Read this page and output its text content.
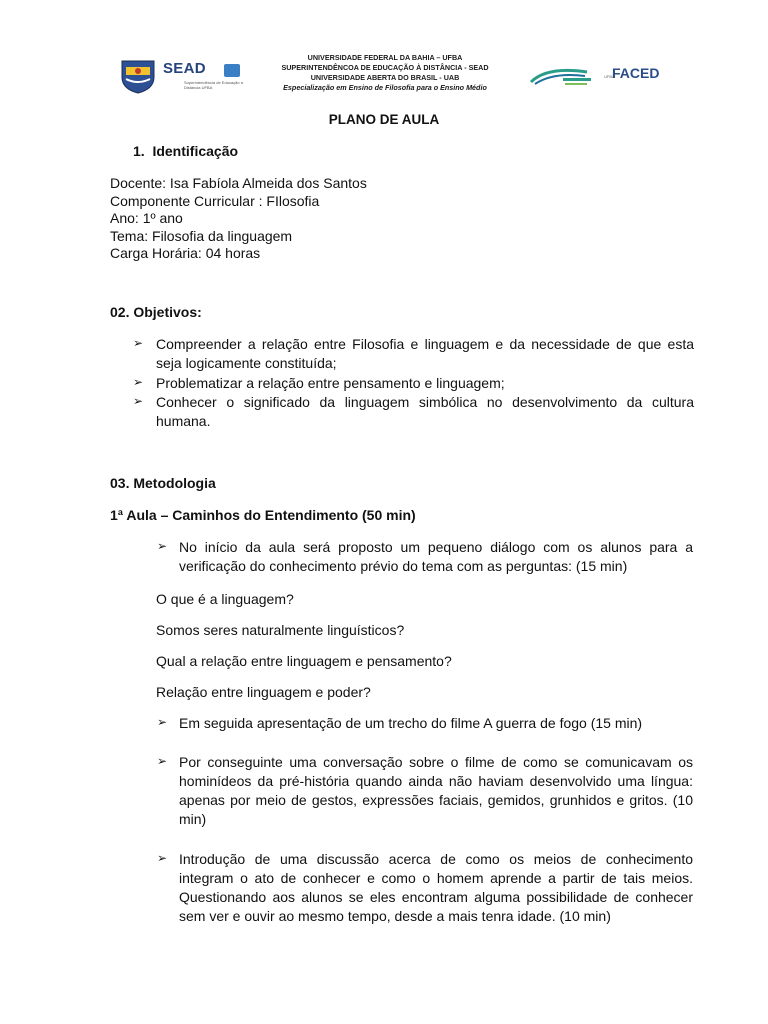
SEAD
Superintendência de Educação a Distância UFBA
UNIVERSIDADE FEDERAL DA BAHIA – UFBA
SUPERINTENDÊNCOA DE EDUCAÇÃO À DISTÂNCIA - SEAD
UNIVERSIDADE ABERTA DO BRASIL - UAB
Especialização em Ensino de Filosofia para o Ensino Médio
UFBA
FACED
PLANO DE AULA
1.  Identificação
Docente: Isa Fabíola Almeida dos Santos
Componente Curricular : FIlosofia
Ano: 1º ano
Tema: Filosofia da linguagem
Carga Horária: 04 horas
02. Objetivos:
➢ Compreender a relação entre Filosofia e linguagem e da necessidade de que esta seja logicamente constituída;
➢ Problematizar a relação entre pensamento e linguagem;
➢ Conhecer o significado da linguagem simbólica no desenvolvimento da cultura humana.
03. Metodologia
1ª Aula – Caminhos do Entendimento (50 min)
➢ No início da aula será proposto um pequeno diálogo com os alunos para a verificação do conhecimento prévio do tema com as perguntas: (15 min)
O que é a linguagem?
Somos seres naturalmente linguísticos?
Qual a relação entre linguagem e pensamento?
Relação entre linguagem e poder?
➢ Em seguida apresentação de um trecho do filme A guerra de fogo (15 min)
➢ Por conseguinte uma conversação sobre o filme de como se comunicavam os hominídeos da pré-história quando ainda não haviam desenvolvido uma língua: apenas por meio de gestos, expressões faciais, gemidos, grunhidos e gritos. (10 min)
➢ Introdução de uma discussão acerca de como os meios de conhecimento integram o ato de conhecer e como o homem aprende a partir de tais meios. Questionando aos alunos se eles encontram alguma possibilidade de conhecer sem ver e ouvir ao mesmo tempo, desde a mais tenra idade. (10 min)
